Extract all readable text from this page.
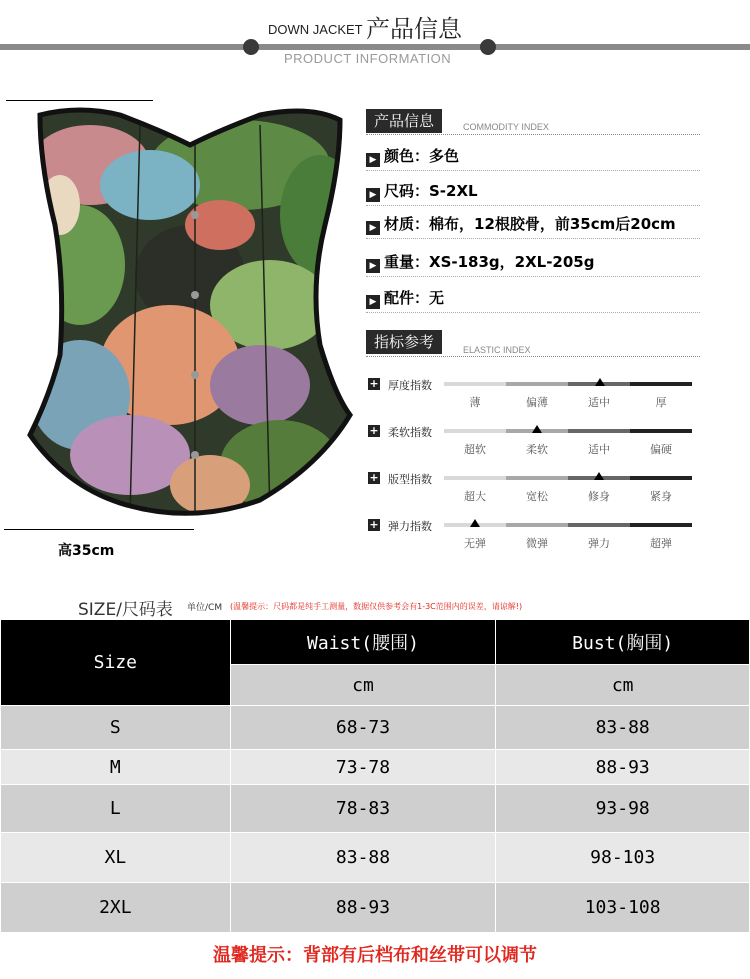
DOWN JACKET 产品信息
PRODUCT INFORMATION
高35cm
产品信息	COMMODITY INDEX
▶ 颜色：多色
▶ 尺码：S-2XL
▶ 材质：棉布，12根胶骨，前35cm后20cm
▶ 重量：XS-183g，2XL-205g
▶ 配件：无
指标参考	ELASTIC INDEX
+ 厚度指数
薄	偏薄	适中	厚
+ 柔软指数
超软	柔软	适中	偏硬
+ 版型指数
超大	宽松	修身	紧身
+ 弹力指数
无弹	微弹	弹力	超弹
SIZE/尺码表 单位/CM (温馨提示：尺码都是纯手工测量，数据仅供参考会有1-3C范围内的误差，请谅解!)
Size	Waist(腰围)	Bust(胸围)
	cm	cm
S	68-73	83-88
M	73-78	88-93
L	78-83	93-98
XL	83-88	98-103
2XL	88-93	103-108
温馨提示：背部有后档布和丝带可以调节
